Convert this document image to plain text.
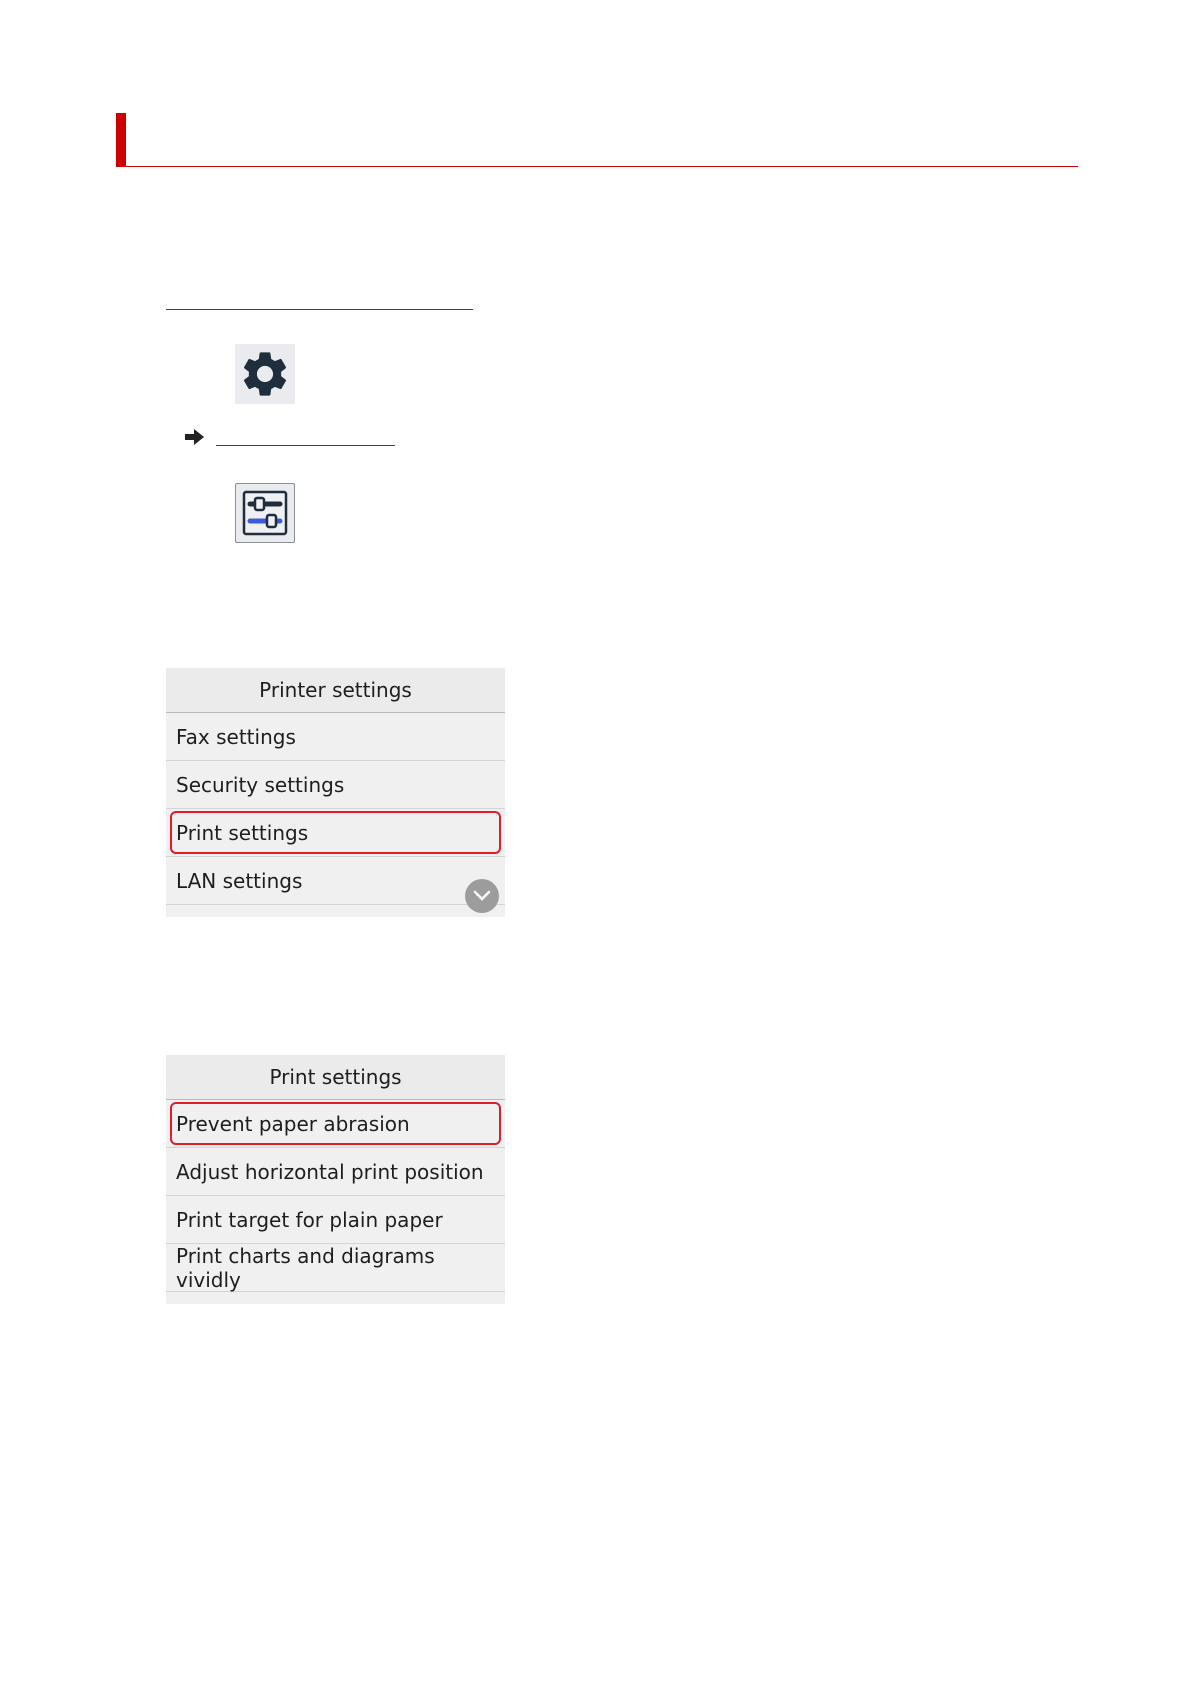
Printer settings
Fax settings
Security settings
Print settings
LAN settings
Print settings
Prevent paper abrasion
Adjust horizontal print position
Print target for plain paper
Print charts and diagrams vividly
